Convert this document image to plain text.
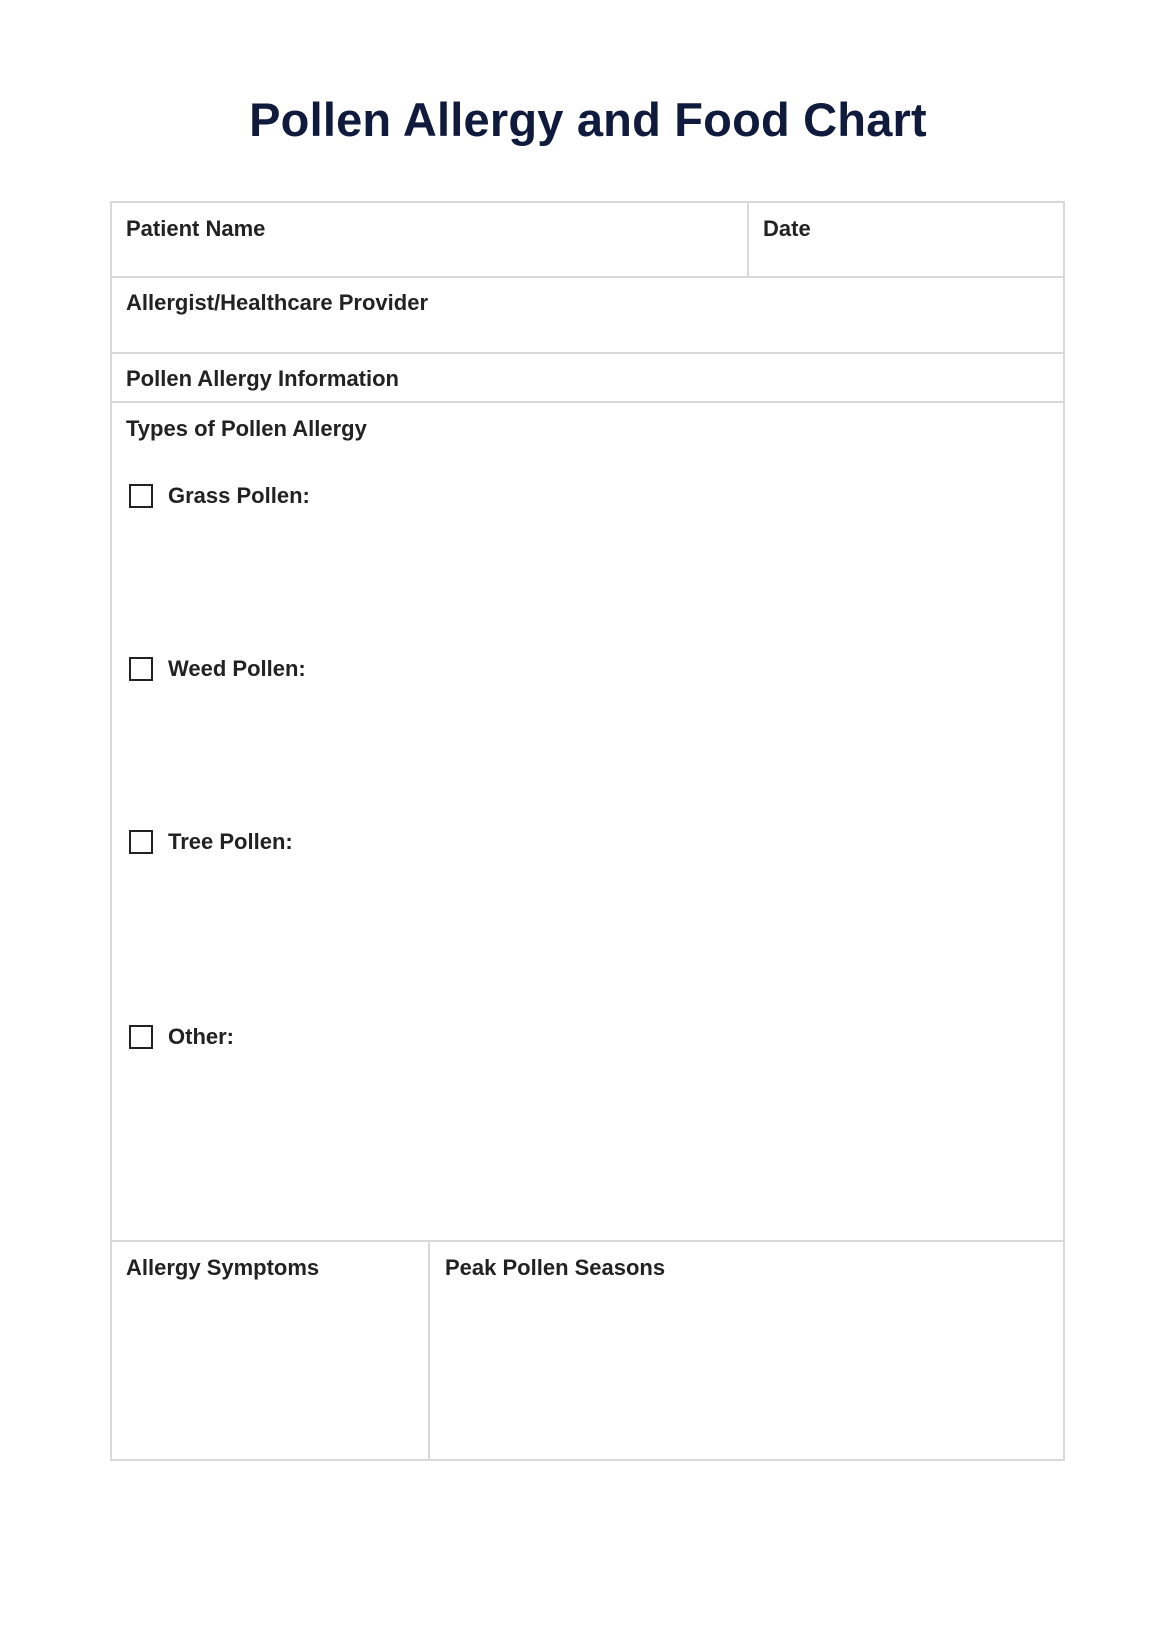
Pollen Allergy and Food Chart
Patient Name	Date
Allergist/Healthcare Provider
Pollen Allergy Information
Types of Pollen Allergy
Grass Pollen:
Weed Pollen:
Tree Pollen:
Other:
Allergy Symptoms	Peak Pollen Seasons
